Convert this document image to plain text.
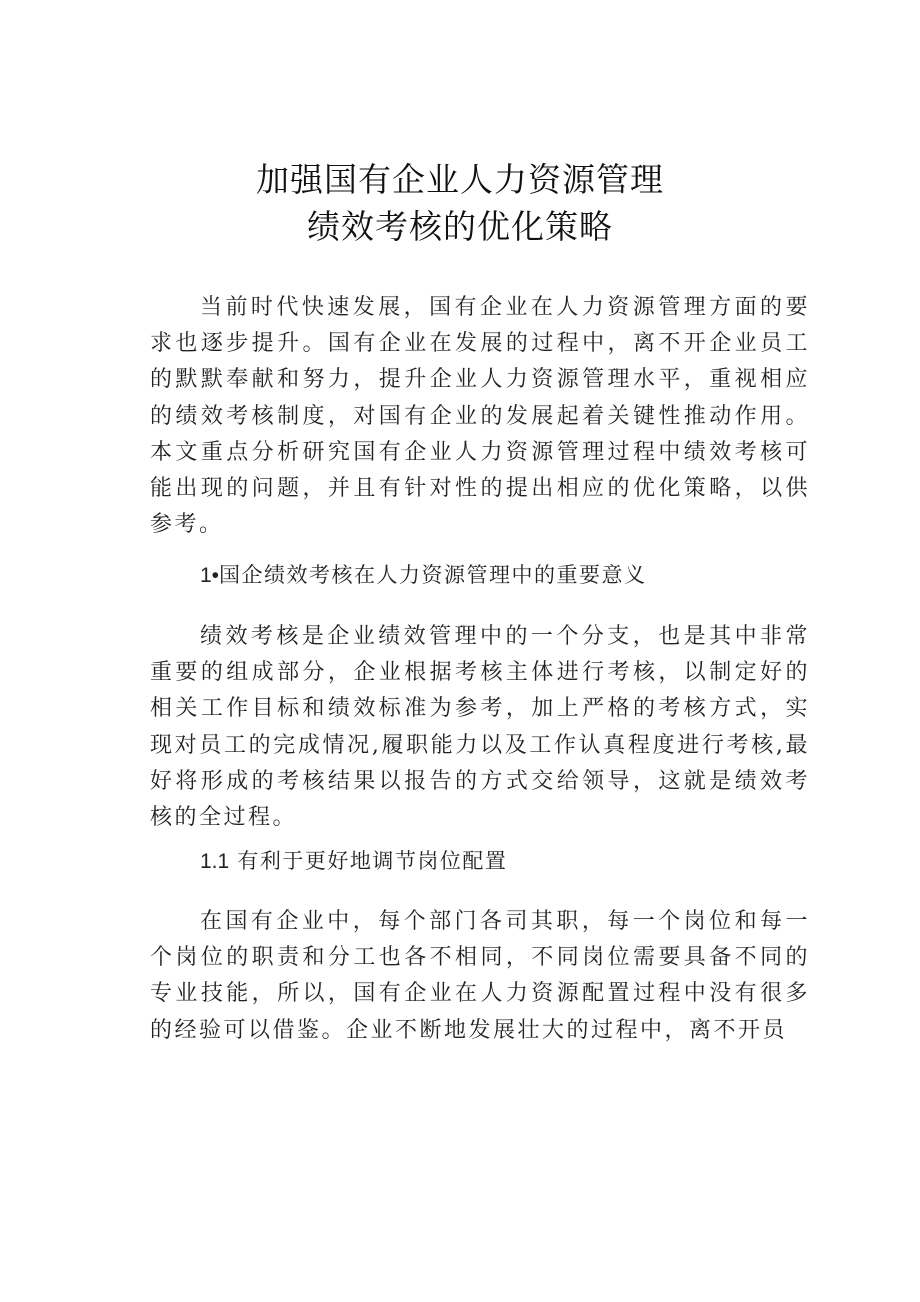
加强国有企业人力资源管理
绩效考核的优化策略

当前时代快速发展，国有企业在人力资源管理方面的要求也逐步提升。国有企业在发展的过程中，离不开企业员工的默默奉献和努力，提升企业人力资源管理水平，重视相应的绩效考核制度，对国有企业的发展起着关键性推动作用。本文重点分析研究国有企业人力资源管理过程中绩效考核可能出现的问题，并且有针对性的提出相应的优化策略，以供参考。

1•国企绩效考核在人力资源管理中的重要意义

绩效考核是企业绩效管理中的一个分支，也是其中非常重要的组成部分，企业根据考核主体进行考核，以制定好的相关工作目标和绩效标准为参考，加上严格的考核方式，实现对员工的完成情况,履职能力以及工作认真程度进行考核,最好将形成的考核结果以报告的方式交给领导，这就是绩效考核的全过程。

1.1 有利于更好地调节岗位配置

在国有企业中，每个部门各司其职，每一个岗位和每一个岗位的职责和分工也各不相同，不同岗位需要具备不同的专业技能，所以，国有企业在人力资源配置过程中没有很多的经验可以借鉴。企业不断地发展壮大的过程中，离不开员
